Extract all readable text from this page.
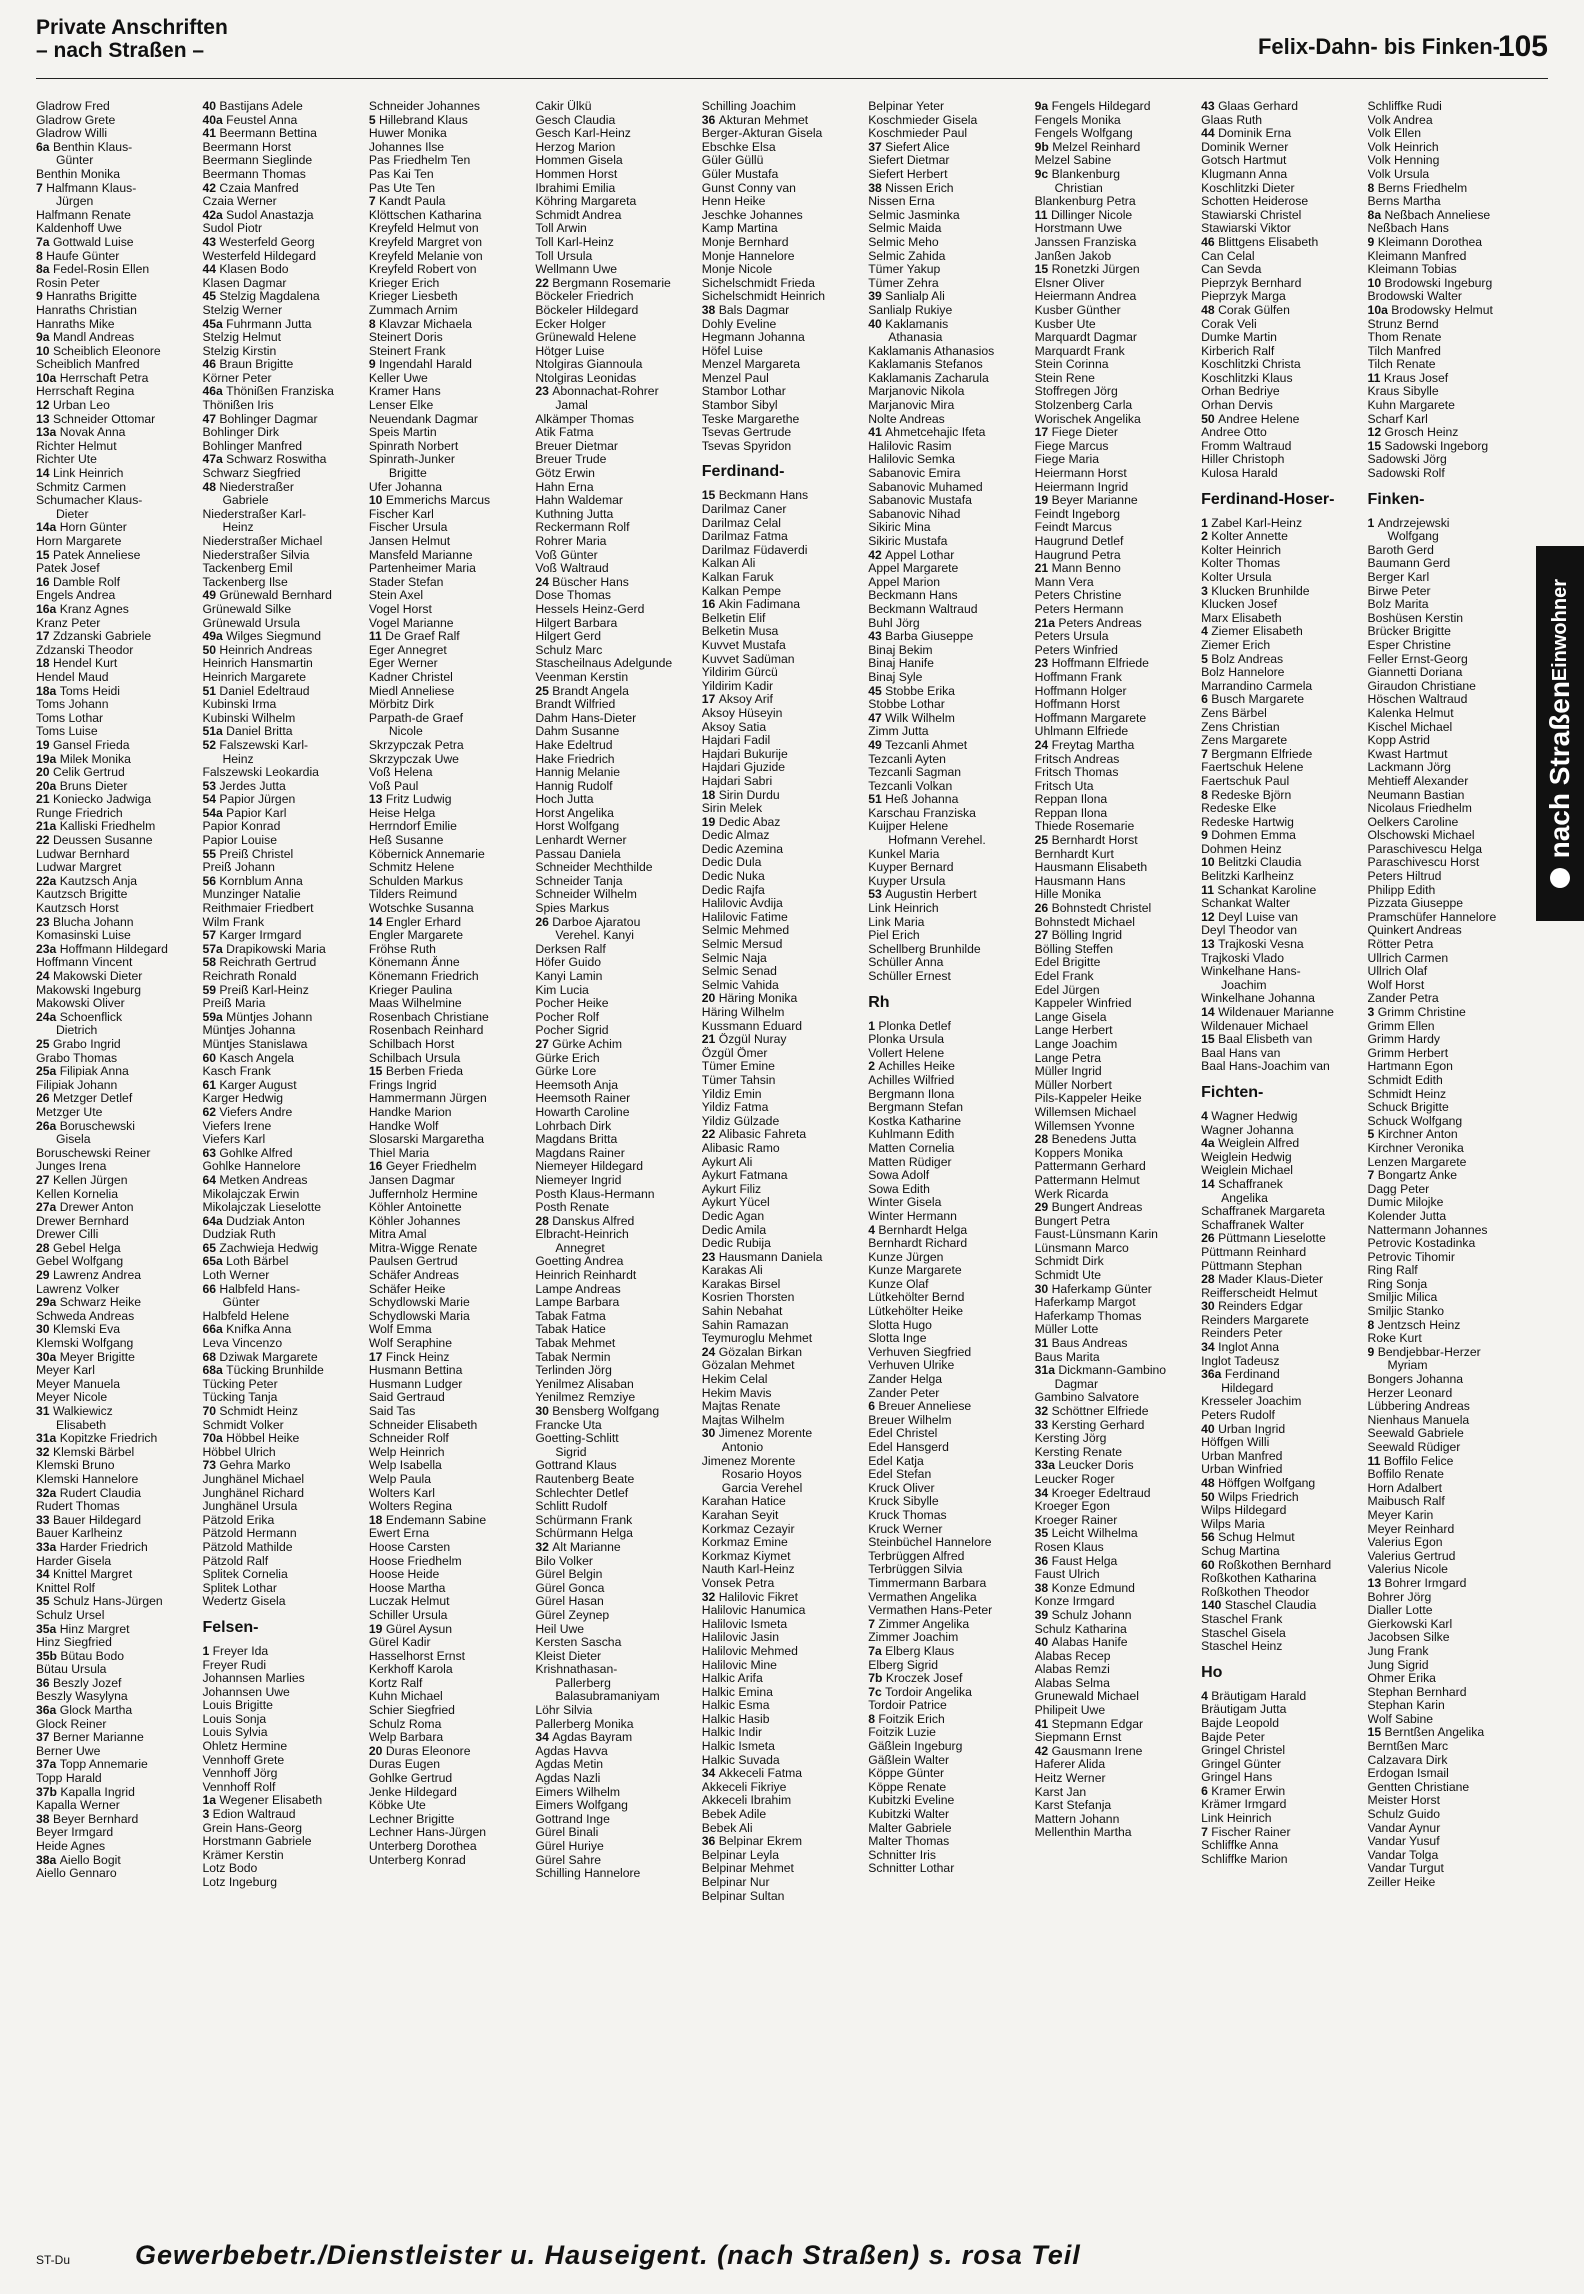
Private Anschriften
– nach Straßen –	Felix-Dahn- bis Finken-
105
Gladrow Fred
Gladrow Grete
Gladrow Willi
6a Benthin Klaus-
Günter
Benthin Monika
7 Halfmann Klaus-
Jürgen
Halfmann Renate
Kaldenhoff Uwe
7a Gottwald Luise
8 Haufe Günter
8a Fedel-Rosin Ellen
Rosin Peter
9 Hanraths Brigitte
Hanraths Christian
Hanraths Mike
9a Mandl Andreas
10 Scheiblich Eleonore
Scheiblich Manfred
10a Herrschaft Petra
Herrschaft Regina
12 Urban Leo
13 Schneider Ottomar
13a Novak Anna
Richter Helmut
Richter Ute
14 Link Heinrich
Schmitz Carmen
Schumacher Klaus-
Dieter
14a Horn Günter
Horn Margarete
15 Patek Anneliese
Patek Josef
16 Damble Rolf
Engels Andrea
16a Kranz Agnes
Kranz Peter
17 Zdzanski Gabriele
Zdzanski Theodor
18 Hendel Kurt
Hendel Maud
18a Toms Heidi
Toms Johann
Toms Lothar
Toms Luise
19 Gansel Frieda
19a Milek Monika
20 Celik Gertrud
20a Bruns Dieter
21 Koniecko Jadwiga
Runge Friedrich
21a Kalliski Friedhelm
22 Deussen Susanne
Ludwar Bernhard
Ludwar Margret
22a Kautzsch Anja
Kautzsch Brigitte
Kautzsch Horst
23 Blucha Johann
Komasinski Luise
23a Hoffmann Hildegard
Hoffmann Vincent
24 Makowski Dieter
Makowski Ingeburg
Makowski Oliver
24a Schoenflick
Dietrich
25 Grabo Ingrid
Grabo Thomas
25a Filipiak Anna
Filipiak Johann
26 Metzger Detlef
Metzger Ute
26a Boruschewski
Gisela
Boruschewski Reiner
Junges Irena
27 Kellen Jürgen
Kellen Kornelia
27a Drewer Anton
Drewer Bernhard
Drewer Cilli
28 Gebel Helga
Gebel Wolfgang
29 Lawrenz Andrea
Lawrenz Volker
29a Schwarz Heike
Schweda Andreas
30 Klemski Eva
Klemski Wolfgang
30a Meyer Brigitte
Meyer Karl
Meyer Manuela
Meyer Nicole
31 Walkiewicz
Elisabeth
31a Kopitzke Friedrich
32 Klemski Bärbel
Klemski Bruno
Klemski Hannelore
32a Rudert Claudia
Rudert Thomas
33 Bauer Hildegard
Bauer Karlheinz
33a Harder Friedrich
Harder Gisela
34 Knittel Margret
Knittel Rolf
35 Schulz Hans-Jürgen
Schulz Ursel
35a Hinz Margret
Hinz Siegfried
35b Bütau Bodo
Bütau Ursula
36 Beszly Jozef
Beszly Wasylyna
36a Glock Martha
Glock Reiner
37 Berner Marianne
Berner Uwe
37a Topp Annemarie
Topp Harald
37b Kapalla Ingrid
Kapalla Werner
38 Beyer Bernhard
Beyer Irmgard
Heide Agnes
38a Aiello Bogit
Aiello Gennaro
40 Bastijans Adele
40a Feustel Anna
41 Beermann Bettina
Beermann Horst
Beermann Sieglinde
Beermann Thomas
42 Czaia Manfred
Czaia Werner
42a Sudol Anastazja
Sudol Piotr
43 Westerfeld Georg
Westerfeld Hildegard
44 Klasen Bodo
Klasen Dagmar
45 Stelzig Magdalena
Stelzig Werner
45a Fuhrmann Jutta
Stelzig Helmut
Stelzig Kirstin
46 Braun Brigitte
Körner Peter
46a Thönißen Franziska
Thönißen Iris
47 Bohlinger Dagmar
Bohlinger Dirk
Bohlinger Manfred
47a Schwarz Roswitha
Schwarz Siegfried
48 Niederstraßer
Gabriele
Niederstraßer Karl-
Heinz
Niederstraßer Michael
Niederstraßer Silvia
Tackenberg Emil
Tackenberg Ilse
49 Grünewald Bernhard
Grünewald Silke
Grünewald Ursula
49a Wilges Siegmund
50 Heinrich Andreas
Heinrich Hansmartin
Heinrich Margarete
51 Daniel Edeltraud
Kubinski Irma
Kubinski Wilhelm
51a Daniel Britta
52 Falszewski Karl-
Heinz
Falszewski Leokardia
53 Jerdes Jutta
54 Papior Jürgen
54a Papior Karl
Papior Konrad
Papior Louise
55 Preiß Christel
Preiß Johann
56 Kornblum Anna
Munzinger Natalie
Reithmaier Friedbert
Wilm Frank
57 Karger Irmgard
57a Drapikowski Maria
58 Reichrath Gertrud
Reichrath Ronald
59 Preiß Karl-Heinz
Preiß Maria
59a Müntjes Johann
Müntjes Johanna
Müntjes Stanislawa
60 Kasch Angela
Kasch Frank
61 Karger August
Karger Hedwig
62 Viefers Andre
Viefers Irene
Viefers Karl
63 Gohlke Alfred
Gohlke Hannelore
64 Metken Andreas
Mikolajczak Erwin
Mikolajczak Lieselotte
64a Dudziak Anton
Dudziak Ruth
65 Zachwieja Hedwig
65a Loth Bärbel
Loth Werner
66 Halbfeld Hans-
Günter
Halbfeld Helene
66a Knifka Anna
Leva Vincenzo
68 Dziwak Margarete
68a Tücking Brunhilde
Tücking Peter
Tücking Tanja
70 Schmidt Heinz
Schmidt Volker
70a Höbbel Heike
Höbbel Ulrich
73 Gehra Marko
Junghänel Michael
Junghänel Richard
Junghänel Ursula
Pätzold Erika
Pätzold Hermann
Pätzold Mathilde
Pätzold Ralf
Splitek Cornelia
Splitek Lothar
Wedertz Gisela
Felsen-
1 Freyer Ida
Freyer Rudi
Johannsen Marlies
Johannsen Uwe
Louis Brigitte
Louis Sonja
Louis Sylvia
Ohletz Hermine
Vennhoff Grete
Vennhoff Jörg
Vennhoff Rolf
1a Wegener Elisabeth
3 Edion Waltraud
Grein Hans-Georg
Horstmann Gabriele
Krämer Kerstin
Lotz Bodo
Lotz Ingeburg
Schneider Johannes
5 Hillebrand Klaus
Huwer Monika
Johannes Ilse
Pas Friedhelm Ten
Pas Kai Ten
Pas Ute Ten
7 Kandt Paula
Klöttschen Katharina
Kreyfeld Helmut von
Kreyfeld Margret von
Kreyfeld Melanie von
Kreyfeld Robert von
Krieger Erich
Krieger Liesbeth
Zummach Arnim
8 Klavzar Michaela
Steinert Doris
Steinert Frank
9 Ingendahl Harald
Keller Uwe
Kramer Hans
Lenser Elke
Neuendank Dagmar
Speis Martin
Spinrath Norbert
Spinrath-Junker
Brigitte
Ufer Johanna
10 Emmerichs Marcus
Fischer Karl
Fischer Ursula
Jansen Helmut
Mansfeld Marianne
Partenheimer Maria
Stader Stefan
Stein Axel
Vogel Horst
Vogel Marianne
11 De Graef Ralf
Eger Annegret
Eger Werner
Kadner Christel
Miedl Anneliese
Mörbitz Dirk
Parpath-de Graef
Nicole
Skrzypczak Petra
Skrzypczak Uwe
Voß Helena
Voß Paul
13 Fritz Ludwig
Heise Helga
Herrndorf Emilie
Heß Susanne
Köbernick Annemarie
Schmitz Helene
Schulden Markus
Tilders Reimund
Wotschke Susanna
14 Engler Erhard
Engler Margarete
Fröhse Ruth
Könemann Änne
Könemann Friedrich
Krieger Paulina
Maas Wilhelmine
Rosenbach Christiane
Rosenbach Reinhard
Schilbach Horst
Schilbach Ursula
15 Berben Frieda
Frings Ingrid
Hammermann Jürgen
Handke Marion
Handke Wolf
Slosarski Margaretha
Thiel Maria
16 Geyer Friedhelm
Jansen Dagmar
Juffernholz Hermine
Köhler Antoinette
Köhler Johannes
Mitra Amal
Mitra-Wigge Renate
Paulsen Gertrud
Schäfer Andreas
Schäfer Heike
Schydlowski Marie
Schydlowski Maria
Wolf Emma
Wolf Seraphine
17 Finck Heinz
Husmann Bettina
Husmann Ludger
Said Gertraud
Said Tas
Schneider Elisabeth
Schneider Rolf
Welp Heinrich
Welp Isabella
Welp Paula
Wolters Karl
Wolters Regina
18 Endemann Sabine
Ewert Erna
Hoose Carsten
Hoose Friedhelm
Hoose Heide
Hoose Martha
Luczak Helmut
Schiller Ursula
19 Gürel Aysun
Gürel Kadir
Hasselhorst Ernst
Kerkhoff Karola
Kortz Ralf
Kuhn Michael
Schier Siegfried
Schulz Roma
Welp Barbara
20 Duras Eleonore
Duras Eugen
Gohlke Gertrud
Jenke Hildegard
Köbke Ute
Lechner Brigitte
Lechner Hans-Jürgen
Unterberg Dorothea
Unterberg Konrad
Cakir Ülkü
Gesch Claudia
Gesch Karl-Heinz
Herzog Marion
Hommen Gisela
Hommen Horst
Ibrahimi Emilia
Köhring Margareta
Schmidt Andrea
Toll Arwin
Toll Karl-Heinz
Toll Ursula
Wellmann Uwe
22 Bergmann Rosemarie
Böckeler Friedrich
Böckeler Hildegard
Ecker Holger
Grünewald Helene
Hötger Luise
Ntolgiras Giannoula
Ntolgiras Leonidas
23 Abonnachat-Rohrer
Jamal
Alkämper Thomas
Atik Fatma
Breuer Dietmar
Breuer Trude
Götz Erwin
Hahn Erna
Hahn Waldemar
Kuthning Jutta
Reckermann Rolf
Rohrer Maria
Voß Günter
Voß Waltraud
24 Büscher Hans
Dose Thomas
Hessels Heinz-Gerd
Hilgert Barbara
Hilgert Gerd
Schulz Marc
Stascheilnaus Adelgunde
Veenman Kerstin
25 Brandt Angela
Brandt Wilfried
Dahm Hans-Dieter
Dahm Susanne
Hake Edeltrud
Hake Friedrich
Hannig Melanie
Hannig Rudolf
Hoch Jutta
Horst Angelika
Horst Wolfgang
Lenhardt Werner
Passau Daniela
Schneider Mechthilde
Schneider Tanja
Schneider Wilhelm
Spies Markus
26 Darboe Ajaratou
Verehel. Kanyi
Derksen Ralf
Höfer Guido
Kanyi Lamin
Kim Lucia
Pocher Heike
Pocher Rolf
Pocher Sigrid
27 Gürke Achim
Gürke Erich
Gürke Lore
Heemsoth Anja
Heemsoth Rainer
Howarth Caroline
Lohrbach Dirk
Magdans Britta
Magdans Rainer
Niemeyer Hildegard
Niemeyer Ingrid
Posth Klaus-Hermann
Posth Renate
28 Danskus Alfred
Elbracht-Heinrich
Annegret
Goetting Andrea
Heinrich Reinhardt
Lampe Andreas
Lampe Barbara
Tabak Fatma
Tabak Hatice
Tabak Mehmet
Tabak Nermin
Terlinden Jörg
Yenilmez Alisaban
Yenilmez Remziye
30 Bensberg Wolfgang
Francke Uta
Goetting-Schlitt
Sigrid
Gottrand Klaus
Rautenberg Beate
Schlechter Detlef
Schlitt Rudolf
Schürmann Frank
Schürmann Helga
32 Alt Marianne
Bilo Volker
Gürel Belgin
Gürel Gonca
Gürel Hasan
Gürel Zeynep
Heil Uwe
Kersten Sascha
Kleist Dieter
Krishnathasan-
Pallerberg
Balasubramaniyam
Löhr Silvia
Pallerberg Monika
34 Agdas Bayram
Agdas Havva
Agdas Metin
Agdas Nazli
Eimers Wilhelm
Eimers Wolfgang
Gottrand Inge
Gürel Binali
Gürel Huriye
Gürel Sahre
Schilling Hannelore
Schilling Joachim
36 Akturan Mehmet
Berger-Akturan Gisela
Ebschke Elsa
Güler Güllü
Güler Mustafa
Gunst Conny van
Henn Heike
Jeschke Johannes
Kamp Martina
Monje Bernhard
Monje Hannelore
Monje Nicole
Sichelschmidt Frieda
Sichelschmidt Heinrich
38 Bals Dagmar
Dohly Eveline
Hegmann Johanna
Höfel Luise
Menzel Margareta
Menzel Paul
Stambor Lothar
Stambor Sibyl
Teske Margarethe
Tsevas Gertrude
Tsevas Spyridon
Ferdinand-
15 Beckmann Hans
Darilmaz Caner
Darilmaz Celal
Darilmaz Fatma
Darilmaz Füdaverdi
Kalkan Ali
Kalkan Faruk
Kalkan Pempe
16 Akin Fadimana
Belketin Elif
Belketin Musa
Kuvvet Mustafa
Kuvvet Sadüman
Yildirim Gürcü
Yildirim Kadir
17 Aksoy Arif
Aksoy Hüseyin
Aksoy Satia
Hajdari Fadil
Hajdari Bukurije
Hajdari Gjuzide
Hajdari Sabri
18 Sirin Durdu
Sirin Melek
19 Dedic Abaz
Dedic Almaz
Dedic Azemina
Dedic Dula
Dedic Nuka
Dedic Rajfa
Halilovic Avdija
Halilovic Fatime
Selmic Mehmed
Selmic Mersud
Selmic Naja
Selmic Senad
Selmic Vahida
20 Häring Monika
Häring Wilhelm
Kussmann Eduard
21 Özgül Nuray
Özgül Ömer
Tümer Emine
Tümer Tahsin
Yildiz Emin
Yildiz Fatma
Yildiz Gülzade
22 Alibasic Fahreta
Alibasic Ramo
Aykurt Ali
Aykurt Fatmana
Aykurt Filiz
Aykurt Yücel
Dedic Agan
Dedic Amila
Dedic Rubija
23 Hausmann Daniela
Karakas Ali
Karakas Birsel
Kosrien Thorsten
Sahin Nebahat
Sahin Ramazan
Teymuroglu Mehmet
24 Gözalan Birkan
Gözalan Mehmet
Hekim Celal
Hekim Mavis
Majtas Renate
Majtas Wilhelm
30 Jimenez Morente
Antonio
Jimenez Morente
Rosario Hoyos
Garcia Verehel
Karahan Hatice
Karahan Seyit
Korkmaz Cezayir
Korkmaz Emine
Korkmaz Kiymet
Nauth Karl-Heinz
Vonsek Petra
32 Halilovic Fikret
Halilovic Hanumica
Halilovic Ismeta
Halilovic Jasin
Halilovic Mehmed
Halilovic Mine
Halkic Arifa
Halkic Emina
Halkic Esma
Halkic Hasib
Halkic Indir
Halkic Ismeta
Halkic Suvada
34 Akkeceli Fatma
Akkeceli Fikriye
Akkeceli Ibrahim
Bebek Adile
Bebek Ali
36 Belpinar Ekrem
Belpinar Leyla
Belpinar Mehmet
Belpinar Nur
Belpinar Sultan
Belpinar Yeter
Koschmieder Gisela
Koschmieder Paul
37 Siefert Alice
Siefert Dietmar
Siefert Herbert
38 Nissen Erich
Nissen Erna
Selmic Jasminka
Selmic Maida
Selmic Meho
Selmic Zahida
Tümer Yakup
Tümer Zehra
39 Sanlialp Ali
Sanlialp Rukiye
40 Kaklamanis
Athanasia
Kaklamanis Athanasios
Kaklamanis Stefanos
Kaklamanis Zacharula
Marjanovic Nikola
Marjanovic Mira
Nolte Andreas
41 Ahmetcehajic Ifeta
Halilovic Rasim
Halilovic Semka
Sabanovic Emira
Sabanovic Muhamed
Sabanovic Mustafa
Sabanovic Nihad
Sikiric Mina
Sikiric Mustafa
42 Appel Lothar
Appel Margarete
Appel Marion
Beckmann Hans
Beckmann Waltraud
Buhl Jörg
43 Barba Giuseppe
Binaj Bekim
Binaj Hanife
Binaj Syle
45 Stobbe Erika
Stobbe Lothar
47 Wilk Wilhelm
Zimm Jutta
49 Tezcanli Ahmet
Tezcanli Ayten
Tezcanli Sagman
Tezcanli Volkan
51 Heß Johanna
Karschau Franziska
Kuijper Helene
Hofmann Verehel.
Kunkel Maria
Kuyper Bernard
Kuyper Ursula
53 Augustin Herbert
Link Heinrich
Link Maria
Piel Erich
Schellberg Brunhilde
Schüller Anna
Schüller Ernest
Rh
1 Plonka Detlef
Plonka Ursula
Vollert Helene
2 Achilles Heike
Achilles Wilfried
Bergmann Ilona
Bergmann Stefan
Kostka Katharine
Kuhlmann Edith
Matten Cornelia
Matten Rüdiger
Sowa Adolf
Sowa Edith
Winter Gisela
Winter Hermann
4 Bernhardt Helga
Bernhardt Richard
Kunze Jürgen
Kunze Margarete
Kunze Olaf
Lütkehölter Bernd
Lütkehölter Heike
Slotta Hugo
Slotta Inge
Verhuven Siegfried
Verhuven Ulrike
Zander Helga
Zander Peter
6 Breuer Anneliese
Breuer Wilhelm
Edel Christel
Edel Hansgerd
Edel Katja
Edel Stefan
Kruck Oliver
Kruck Sibylle
Kruck Thomas
Kruck Werner
Steinbüchel Hannelore
Terbrüggen Alfred
Terbrüggen Silvia
Timmermann Barbara
Vermathen Angelika
Vermathen Hans-Peter
7 Zimmer Angelika
Zimmer Joachim
7a Elberg Klaus
Elberg Sigrid
7b Kroczek Josef
7c Tordoir Angelika
Tordoir Patrice
8 Foitzik Erich
Foitzik Luzie
Gäßlein Ingeburg
Gäßlein Walter
Köppe Günter
Köppe Renate
Kubitzki Eveline
Kubitzki Walter
Malter Gabriele
Malter Thomas
Schnitter Iris
Schnitter Lothar
9a Fengels Hildegard
Fengels Monika
Fengels Wolfgang
9b Melzel Reinhard
Melzel Sabine
9c Blankenburg
Christian
Blankenburg Petra
11 Dillinger Nicole
Horstmann Uwe
Janssen Franziska
Janßen Jakob
15 Ronetzki Jürgen
Elsner Oliver
Heiermann Andrea
Kusber Günther
Kusber Ute
Marquardt Dagmar
Marquardt Frank
Stein Corinna
Stein Rene
Stoffregen Jörg
Stolzenberg Carla
Worischek Angelika
17 Fiege Dieter
Fiege Marcus
Fiege Maria
Heiermann Horst
Heiermann Ingrid
19 Beyer Marianne
Feindt Ingeborg
Feindt Marcus
Haugrund Detlef
Haugrund Petra
21 Mann Benno
Mann Vera
Peters Christine
Peters Hermann
21a Peters Andreas
Peters Ursula
Peters Winfried
23 Hoffmann Elfriede
Hoffmann Frank
Hoffmann Holger
Hoffmann Horst
Hoffmann Margarete
Uhlmann Elfriede
24 Freytag Martha
Fritsch Andreas
Fritsch Thomas
Fritsch Uta
Reppan Ilona
Reppan Ilona
Thiede Rosemarie
25 Bernhardt Horst
Bernhardt Kurt
Hausmann Elisabeth
Hausmann Hans
Hille Monika
26 Bohnstedt Christel
Bohnstedt Michael
27 Bölling Ingrid
Bölling Steffen
Edel Brigitte
Edel Frank
Edel Jürgen
Kappeler Winfried
Lange Gisela
Lange Herbert
Lange Joachim
Lange Petra
Müller Ingrid
Müller Norbert
Pils-Kappeler Heike
Willemsen Michael
Willemsen Yvonne
28 Benedens Jutta
Koppers Monika
Pattermann Gerhard
Pattermann Helmut
Werk Ricarda
29 Bungert Andreas
Bungert Petra
Faust-Lünsmann Karin
Lünsmann Marco
Schmidt Dirk
Schmidt Ute
30 Haferkamp Günter
Haferkamp Margot
Haferkamp Thomas
Müller Lotte
31 Baus Andreas
Baus Marita
31a Dickmann-Gambino
Dagmar
Gambino Salvatore
32 Schöttner Elfriede
33 Kersting Gerhard
Kersting Jörg
Kersting Renate
33a Leucker Doris
Leucker Roger
34 Kroeger Edeltraud
Kroeger Egon
Kroeger Rainer
35 Leicht Wilhelma
Rosen Klaus
36 Faust Helga
Faust Ulrich
38 Konze Edmund
Konze Irmgard
39 Schulz Johann
Schulz Katharina
40 Alabas Hanife
Alabas Recep
Alabas Remzi
Alabas Selma
Grunewald Michael
Philipeit Uwe
41 Stepmann Edgar
Siepmann Ernst
42 Gausmann Irene
Haferer Alida
Heitz Werner
Karst Jan
Karst Stefanja
Mattern Johann
Mellenthin Martha
43 Glaas Gerhard
Glaas Ruth
44 Dominik Erna
Dominik Werner
Gotsch Hartmut
Klugmann Anna
Koschlitzki Dieter
Schotten Heiderose
Stawiarski Christel
Stawiarski Viktor
46 Blittgens Elisabeth
Can Celal
Can Sevda
Pieprzyk Bernhard
Pieprzyk Marga
48 Corak Gülfen
Corak Veli
Dumke Martin
Kirberich Ralf
Koschlitzki Christa
Koschlitzki Klaus
Orhan Bedriye
Orhan Dervis
50 Andree Helene
Andree Otto
Fromm Waltraud
Hiller Christoph
Kulosa Harald
Ferdinand-Hoser-
1 Zabel Karl-Heinz
2 Kolter Annette
Kolter Heinrich
Kolter Thomas
Kolter Ursula
3 Klucken Brunhilde
Klucken Josef
Marx Elisabeth
4 Ziemer Elisabeth
Ziemer Erich
5 Bolz Andreas
Bolz Hannelore
Marrandino Carmela
6 Busch Margarete
Zens Bärbel
Zens Christian
Zens Margarete
7 Bergmann Elfriede
Faertschuk Helene
Faertschuk Paul
8 Redeske Björn
Redeske Elke
Redeske Hartwig
9 Dohmen Emma
Dohmen Heinz
10 Belitzki Claudia
Belitzki Karlheinz
11 Schankat Karoline
Schankat Walter
12 Deyl Luise van
Deyl Theodor van
13 Trajkoski Vesna
Trajkoski Vlado
Winkelhane Hans-
Joachim
Winkelhane Johanna
14 Wildenauer Marianne
Wildenauer Michael
15 Baal Elisbeth van
Baal Hans van
Baal Hans-Joachim van
Fichten-
4 Wagner Hedwig
Wagner Johanna
4a Weiglein Alfred
Weiglein Hedwig
Weiglein Michael
14 Schaffranek
Angelika
Schaffranek Margareta
Schaffranek Walter
26 Püttmann Lieselotte
Püttmann Reinhard
Püttmann Stephan
28 Mader Klaus-Dieter
Reifferscheidt Helmut
30 Reinders Edgar
Reinders Margarete
Reinders Peter
34 Inglot Anna
Inglot Tadeusz
36a Ferdinand
Hildegard
Kresseler Joachim
Peters Rudolf
40 Urban Ingrid
Höffgen Willi
Urban Manfred
Urban Winfried
48 Höffgen Wolfgang
50 Wilps Friedrich
Wilps Hildegard
Wilps Maria
56 Schug Helmut
Schug Martina
60 Roßkothen Bernhard
Roßkothen Katharina
Roßkothen Theodor
140 Staschel Claudia
Staschel Frank
Staschel Gisela
Staschel Heinz
Ho
4 Bräutigam Harald
Bräutigam Jutta
Bajde Leopold
Bajde Peter
Gringel Christel
Gringel Günter
Gringel Hans
6 Kramer Erwin
Krämer Irmgard
Link Heinrich
7 Fischer Rainer
Schliffke Anna
Schliffke Marion
Schliffke Rudi
Volk Andrea
Volk Ellen
Volk Heinrich
Volk Henning
Volk Ursula
8 Berns Friedhelm
Berns Martha
8a Neßbach Anneliese
Neßbach Hans
9 Kleimann Dorothea
Kleimann Manfred
Kleimann Tobias
10 Brodowski Ingeburg
Brodowski Walter
10a Brodowsky Helmut
Strunz Bernd
Thom Renate
Tilch Manfred
Tilch Renate
11 Kraus Josef
Kraus Sibylle
Kuhn Margarete
Scharf Karl
12 Grosch Heinz
15 Sadowski Ingeborg
Sadowski Jörg
Sadowski Rolf
Finken-
1 Andrzejewski
Wolfgang
Baroth Gerd
Baumann Gerd
Berger Karl
Birwe Peter
Bolz Marita
Boshüsen Kerstin
Brücker Brigitte
Esper Christine
Feller Ernst-Georg
Giannetti Doriana
Giraudon Christiane
Höschen Waltraud
Kalenka Helmut
Kischel Michael
Kopp Astrid
Kwast Hartmut
Lackmann Jörg
Mehtieff Alexander
Neumann Bastian
Nicolaus Friedhelm
Oelkers Caroline
Olschowski Michael
Paraschivescu Helga
Paraschivescu Horst
Peters Hiltrud
Philipp Edith
Pizzata Giuseppe
Pramschüfer Hannelore
Quinkert Andreas
Rötter Petra
Ullrich Carmen
Ullrich Olaf
Wolf Horst
Zander Petra
3 Grimm Christine
Grimm Ellen
Grimm Hardy
Grimm Herbert
Hartmann Egon
Schmidt Edith
Schmidt Heinz
Schuck Brigitte
Schuck Wolfgang
5 Kirchner Anton
Kirchner Veronika
Lenzen Margarete
7 Bongartz Anke
Dagg Peter
Dumic Milojke
Kolender Jutta
Nattermann Johannes
Petrovic Kostadinka
Petrovic Tihomir
Ring Ralf
Ring Sonja
Smiljic Milica
Smiljic Stanko
8 Jentzsch Heinz
Roke Kurt
9 Bendjebbar-Herzer
Myriam
Bongers Johanna
Herzer Leonard
Lübbering Andreas
Nienhaus Manuela
Seewald Gabriele
Seewald Rüdiger
11 Boffilo Felice
Boffilo Renate
Horn Adalbert
Maibusch Ralf
Meyer Karin
Meyer Reinhard
Valerius Egon
Valerius Gertrud
Valerius Nicole
13 Bohrer Irmgard
Bohrer Jörg
Dialler Lotte
Gierkowski Karl
Jacobsen Silke
Jung Frank
Jung Sigrid
Ohmer Erika
Stephan Bernhard
Stephan Karin
Wolf Sabine
15 Berntßen Angelika
Berntßen Marc
Calzavara Dirk
Erdogan Ismail
Gentten Christiane
Meister Horst
Schulz Guido
Vandar Aynur
Vandar Yusuf
Vandar Tolga
Vandar Turgut
Zeiller Heike
Einwohner
nach Straßen
ST-Du Gewerbebetr./Dienstleister u. Hauseigent. (nach Straßen) s. rosa Teil
